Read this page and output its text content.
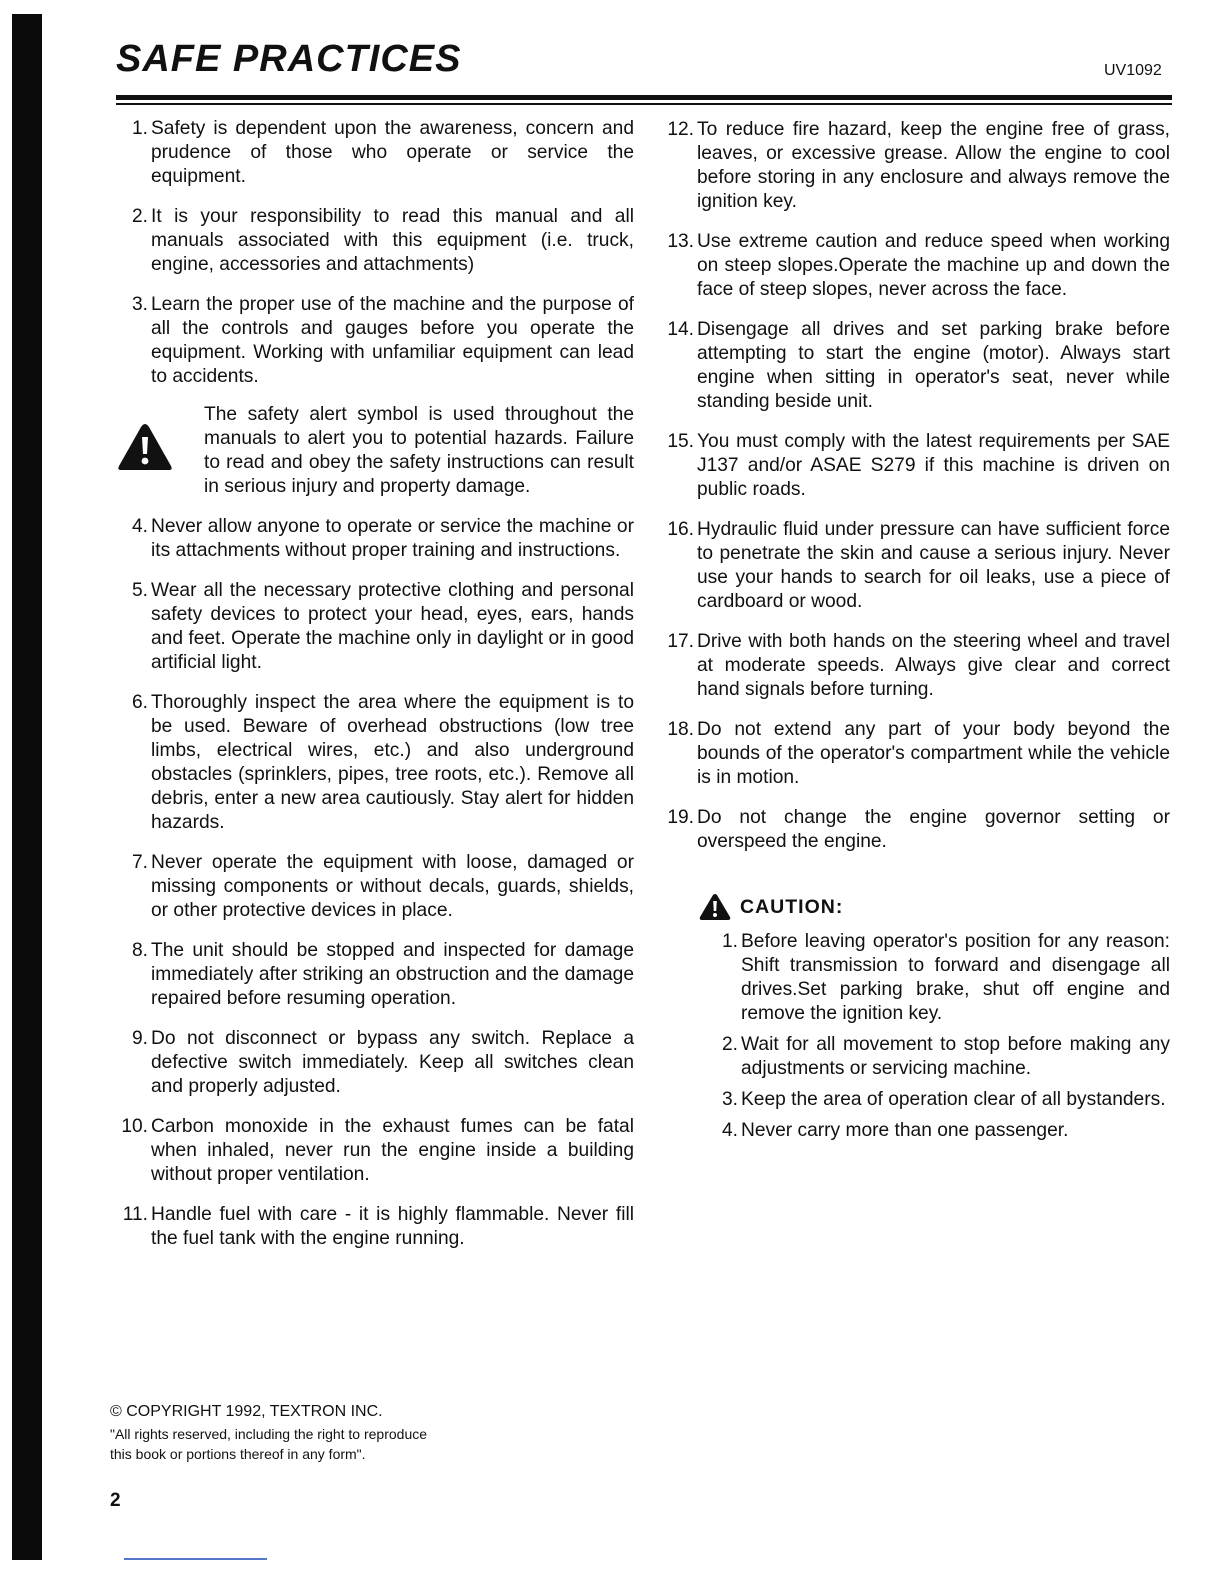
SAFE PRACTICES	UV1092
1. Safety is dependent upon the awareness, concern and prudence of those who operate or service the equipment.
2. It is your responsibility to read this manual and all manuals associated with this equipment (i.e. truck, engine, accessories and attachments)
3. Learn the proper use of the machine and the purpose of all the controls and gauges before you operate the equipment. Working with unfamiliar equipment can lead to accidents.
The safety alert symbol is used throughout the manuals to alert you to potential hazards. Failure to read and obey the safety instructions can result in serious injury and property damage.
4. Never allow anyone to operate or service the machine or its attachments without proper training and instructions.
5. Wear all the necessary protective clothing and personal safety devices to protect your head, eyes, ears, hands and feet. Operate the machine only in daylight or in good artificial light.
6. Thoroughly inspect the area where the equipment is to be used. Beware of overhead obstructions (low tree limbs, electrical wires, etc.) and also underground obstacles (sprinklers, pipes, tree roots, etc.). Remove all debris, enter a new area cautiously. Stay alert for hidden hazards.
7. Never operate the equipment with loose, damaged or missing components or without decals, guards, shields, or other protective devices in place.
8. The unit should be stopped and inspected for damage immediately after striking an obstruction and the damage repaired before resuming operation.
9. Do not disconnect or bypass any switch. Replace a defective switch immediately. Keep all switches clean and properly adjusted.
10. Carbon monoxide in the exhaust fumes can be fatal when inhaled, never run the engine inside a building without proper ventilation.
11. Handle fuel with care - it is highly flammable. Never fill the fuel tank with the engine running.
12. To reduce fire hazard, keep the engine free of grass, leaves, or excessive grease. Allow the engine to cool before storing in any enclosure and always remove the ignition key.
13. Use extreme caution and reduce speed when working on steep slopes.Operate the machine up and down the face of steep slopes, never across the face.
14. Disengage all drives and set parking brake before attempting to start the engine (motor). Always start engine when sitting in operator's seat, never while standing beside unit.
15. You must comply with the latest requirements per SAE J137 and/or ASAE S279 if this machine is driven on public roads.
16. Hydraulic fluid under pressure can have sufficient force to penetrate the skin and cause a serious injury. Never use your hands to search for oil leaks, use a piece of cardboard or wood.
17. Drive with both hands on the steering wheel and travel at moderate speeds. Always give clear and correct hand signals before turning.
18. Do not extend any part of your body beyond the bounds of the operator's compartment while the vehicle is in motion.
19. Do not change the engine governor setting or overspeed the engine.
CAUTION:
1. Before leaving operator's position for any reason: Shift transmission to forward and disengage all drives.Set parking brake, shut off engine and remove the ignition key.
2. Wait for all movement to stop before making any adjustments or servicing machine.
3. Keep the area of operation clear of all bystanders.
4. Never carry more than one passenger.
© COPYRIGHT 1992, TEXTRON INC.
"All rights reserved, including the right to reproduce
this book or portions thereof in any form".
2
